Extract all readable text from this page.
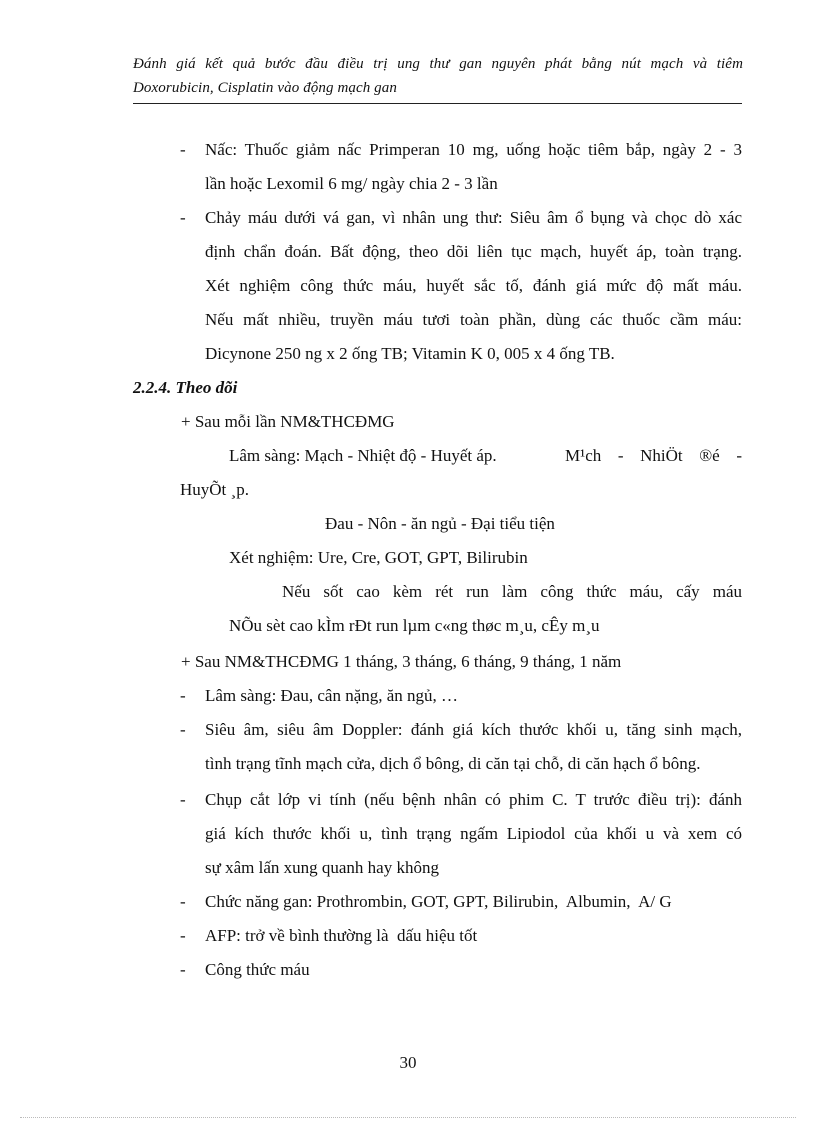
Đánh giá kết quả bước đầu điều trị ung thư gan nguyên phát bằng nút mạch và tiêm
Doxorubicin, Cisplatin vào động mạch gan
- Nấc: Thuốc giảm nấc Primperan 10 mg, uống hoặc tiêm bắp, ngày 2 - 3
lần hoặc Lexomil 6 mg/ ngày chia 2 - 3 lần
- Chảy máu dưới vá gan, vì nhân ung thư: Siêu âm ổ bụng và chọc dò xác
định chẩn đoán. Bất động, theo dõi liên tục mạch, huyết áp, toàn trạng.
Xét nghiệm công thức máu, huyết sắc tố, đánh giá mức độ mất máu.
Nếu mất nhiều, truyền máu tươi toàn phần, dùng các thuốc cầm máu:
Dicynone 250 ng x 2 ống TB; Vitamin K 0, 005 x 4 ống TB.
2.2.4. Theo dõi
+ Sau mỗi lần NM&THCĐMG
Lâm sàng: Mạch - Nhiệt độ - Huyết áp.	M¹ch - NhiÖt ®é -
HuyÕt ¸p.
Đau - Nôn - ăn ngủ - Đại tiểu tiện
Xét nghiệm: Ure, Cre, GOT, GPT, Bilirubin
Nếu sốt cao kèm rét run làm công thức máu, cấy máu
NÕu sèt cao kÌm rÐt run lµm c«ng thøc m¸u, cÊy m¸u
+ Sau NM&THCĐMG 1 tháng, 3 tháng, 6 tháng, 9 tháng, 1 năm
- Lâm sàng: Đau, cân nặng, ăn ngủ, …
- Siêu âm, siêu âm Doppler: đánh giá kích thước khối u, tăng sinh mạch,
tình trạng tĩnh mạch cửa, dịch ổ bông, di căn tại chỗ, di căn hạch ổ bông.
- Chụp cắt lớp vi tính (nếu bệnh nhân có phim C. T trước điều trị): đánh
giá kích thước khối u, tình trạng ngấm Lipiodol của khối u và xem có
sự xâm lấn xung quanh hay không
- Chức năng gan: Prothrombin, GOT, GPT, Bilirubin,  Albumin,  A/ G
- AFP: trở về bình thường là  dấu hiệu tốt
- Công thức máu
30
